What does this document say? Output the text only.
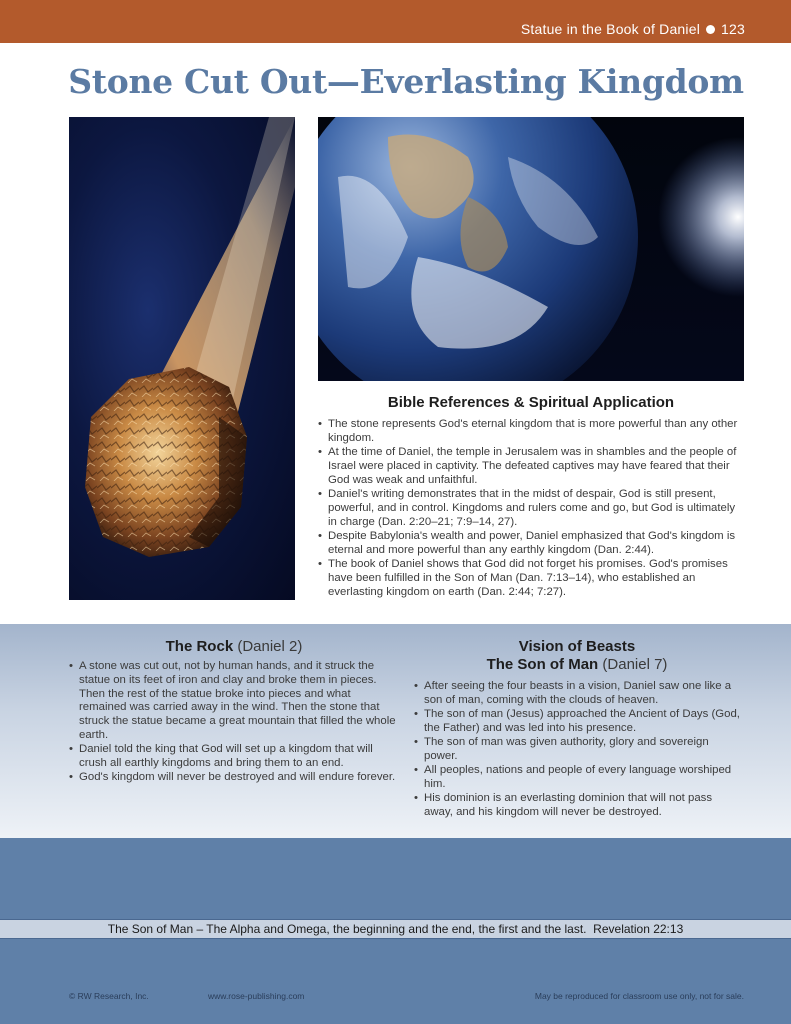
Statue in the Book of Daniel 123
Stone Cut Out—Everlasting Kingdom
Bible References & Spiritual Application
• The stone represents God's eternal kingdom that is more powerful than any other kingdom.
• At the time of Daniel, the temple in Jerusalem was in shambles and the people of Israel were placed in captivity. The defeated captives may have feared that their God was weak and unfaithful.
• Daniel's writing demonstrates that in the midst of despair, God is still present, powerful, and in control. Kingdoms and rulers come and go, but God is ultimately in charge (Dan. 2:20–21; 7:9–14, 27).
• Despite Babylonia's wealth and power, Daniel emphasized that God's kingdom is eternal and more powerful than any earthly kingdom (Dan. 2:44).
• The book of Daniel shows that God did not forget his promises. God's promises have been fulfilled in the Son of Man (Dan. 7:13–14), who established an everlasting kingdom on earth (Dan. 2:44; 7:27).
The Rock (Daniel 2)
• A stone was cut out, not by human hands, and it struck the statue on its feet of iron and clay and broke them in pieces. Then the rest of the statue broke into pieces and what remained was carried away in the wind. Then the stone that struck the statue became a great mountain that filled the whole earth.
• Daniel told the king that God will set up a kingdom that will crush all earthly kingdoms and bring them to an end.
• God's kingdom will never be destroyed and will endure forever.
Vision of Beasts
The Son of Man (Daniel 7)
• After seeing the four beasts in a vision, Daniel saw one like a son of man, coming with the clouds of heaven.
• The son of man (Jesus) approached the Ancient of Days (God, the Father) and was led into his presence.
• The son of man was given authority, glory and sovereign power.
• All peoples, nations and people of every language worshiped him.
• His dominion is an everlasting dominion that will not pass away, and his kingdom will never be destroyed.
The Son of Man – The Alpha and Omega, the beginning and the end, the first and the last.  Revelation 22:13
© RW Research, Inc.	www.rose-publishing.com	May be reproduced for classroom use only, not for sale.
